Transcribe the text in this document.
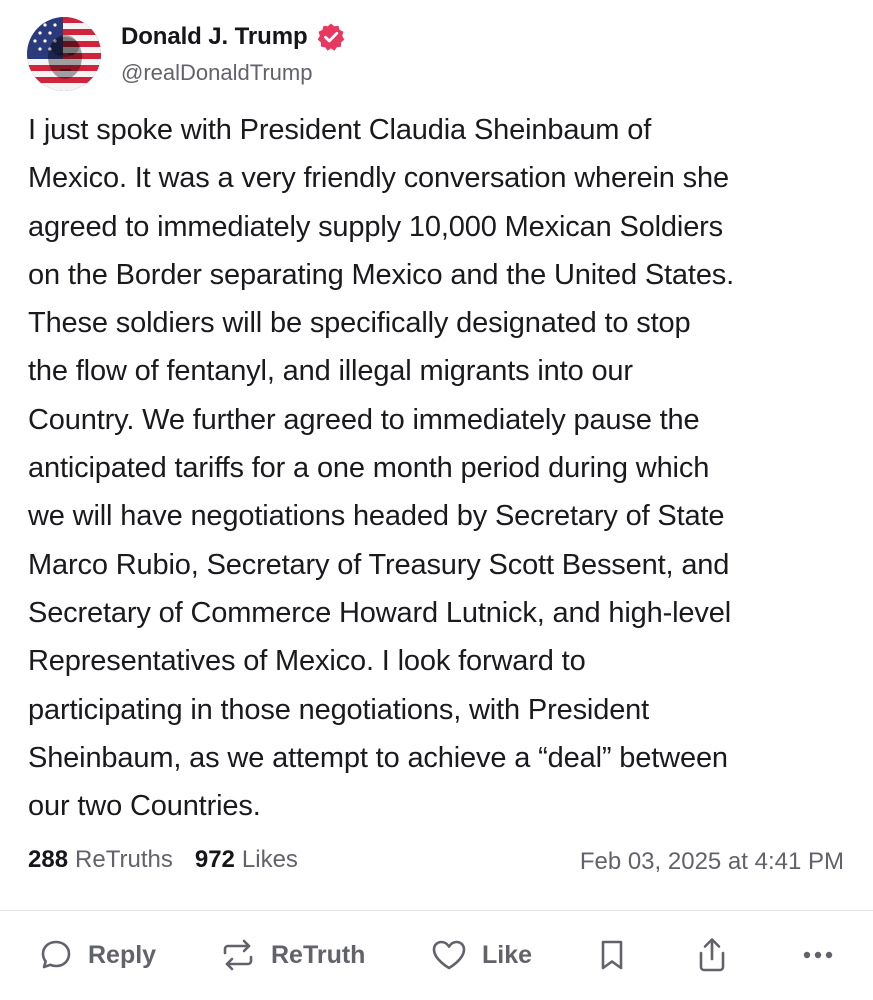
Donald J. Trump
@realDonaldTrump
I just spoke with President Claudia Sheinbaum of
Mexico. It was a very friendly conversation wherein she
agreed to immediately supply 10,000 Mexican Soldiers
on the Border separating Mexico and the United States.
These soldiers will be specifically designated to stop
the flow of fentanyl, and illegal migrants into our
Country. We further agreed to immediately pause the
anticipated tariffs for a one month period during which
we will have negotiations headed by Secretary of State
Marco Rubio, Secretary of Treasury Scott Bessent, and
Secretary of Commerce Howard Lutnick, and high-level
Representatives of Mexico. I look forward to
participating in those negotiations, with President
Sheinbaum, as we attempt to achieve a “deal” between
our two Countries.
288 ReTruths 972 Likes	Feb 03, 2025 at 4:41 PM
Reply	ReTruth	Like
